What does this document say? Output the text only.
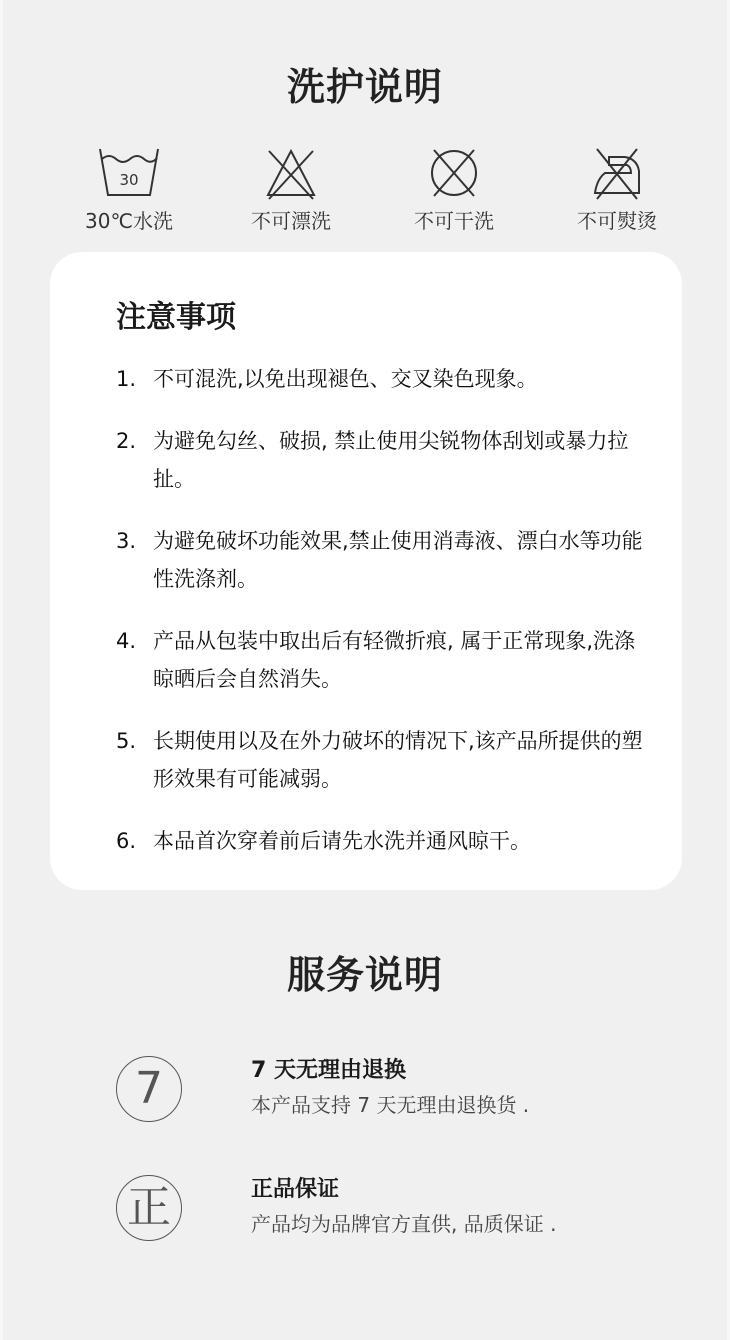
洗护说明
30
30℃水洗	不可漂洗	不可干洗	不可熨烫
注意事项
1. 不可混洗,以免出现褪色、交叉染色现象。
2. 为避免勾丝、破损, 禁止使用尖锐物体刮划或暴力拉扯。
3. 为避免破坏功能效果,禁止使用消毒液、漂白水等功能性洗涤剂。
4. 产品从包装中取出后有轻微折痕, 属于正常现象,洗涤晾晒后会自然消失。
5. 长期使用以及在外力破坏的情况下,该产品所提供的塑形效果有可能减弱。
6. 本品首次穿着前后请先水洗并通风晾干。
服务说明
7	7 天无理由退换
本产品支持 7 天无理由退换货 .
正	正品保证
产品均为品牌官方直供, 品质保证 .
